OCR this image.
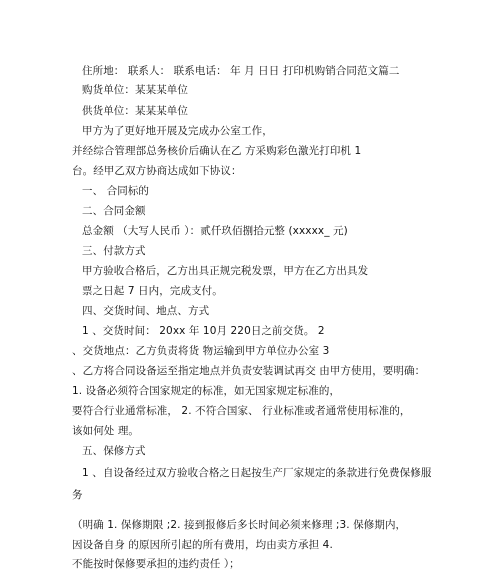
住所地： 联系人： 联系电话： 年 月 日日 打印机购销合同范文篇二
购货单位：某某某单位
供货单位：某某某单位
甲方为了更好地开展及完成办公室工作，
并经综合管理部总务核价后确认在乙 方采购彩色激光打印机 1
台。经甲乙双方协商达成如下协议：
一、 合同标的
二、合同金额
总金额 （大写人民币 ）：贰仟玖佰捌拾元整 (xxxxx_ 元)
三、付款方式
甲方验收合格后，乙方出具正规完税发票，甲方在乙方出具发
票之日起 7 日内，完成支付。
四、交货时间、地点、方式
1 、交货时间： 20xx 年 10月 220日之前交货。 2
、交货地点：乙方负责将货 物运输到甲方单位办公室 3
、乙方将合同设备运至指定地点并负责安装调试再交 由甲方使用，要明确：
1. 设备必须符合国家规定的标准，如无国家规定标准的，
要符合行业通常标准， 2. 不符合国家、 行业标准或者通常使用标准的，
该如何处 理。
五、保修方式
1 、自设备经过双方验收合格之日起按生产厂家规定的条款进行免费保修服
务
（明确 1. 保修期限 ;2. 接到报修后多长时间必须来修理 ;3. 保修期内，
因设备自身 的原因所引起的所有费用，均由卖方承担 4.
不能按时保修要承担的违约责任 ）；
